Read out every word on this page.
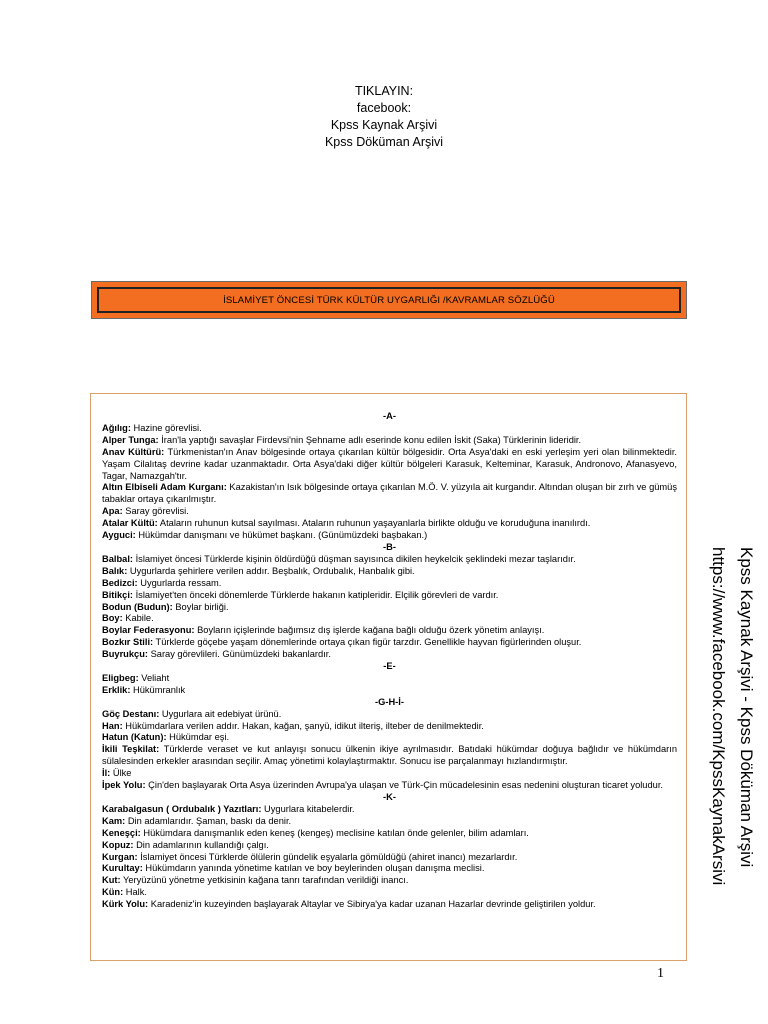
TIKLAYIN:
facebook:
Kpss Kaynak Arşivi
Kpss Döküman Arşivi
İSLAMİYET ÖNCESİ TÜRK KÜLTÜR UYGARLIĞI /KAVRAMLAR SÖZLÜĞÜ
-A-
Ağılıg: Hazine görevlisi.
Alper Tunga: İran'la yaptığı savaşlar Firdevsi'nin Şehname adlı eserinde konu edilen İskit (Saka) Türklerinin lideridir.
Anav Kültürü: Türkmenistan'ın Anav bölgesinde ortaya çıkarılan kültür bölgesidir. Orta Asya'daki en eski yerleşim yeri olan bilinmektedir. Yaşam Cilalıtaş devrine kadar uzanmaktadır. Orta Asya'daki diğer kültür bölgeleri Karasuk, Kelteminar, Karasuk, Andronovo, Afanasyevo, Tagar, Namazgah'tır.
Altın Elbiseli Adam Kurganı: Kazakistan'ın Isık bölgesinde ortaya çıkarılan M.Ö. V. yüzyıla ait kurgandır. Altından oluşan bir zırh ve gümüş tabaklar ortaya çıkarılmıştır.
Apa: Saray görevlisi.
Atalar Kültü: Ataların ruhunun kutsal sayılması. Ataların ruhunun yaşayanlarla birlikte olduğu ve koruduğuna inanılırdı.
Ayguci: Hükümdar danışmanı ve hükümet başkanı. (Günümüzdeki başbakan.)
-B-
Balbal: İslamiyet öncesi Türklerde kişinin öldürdüğü düşman sayısınca dikilen heykelcik şeklindeki mezar taşlarıdır.
Balık: Uygurlarda şehirlere verilen addır. Beşbalık, Ordubalık, Hanbalık gibi.
Bedizci: Uygurlarda ressam.
Bitikçi: İslamiyet'ten önceki dönemlerde Türklerde hakanın katipleridir. Elçilik görevleri de vardır.
Bodun (Budun): Boylar birliği.
Boy: Kabile.
Boylar Federasyonu: Boyların içişlerinde bağımsız dış işlerde kağana bağlı olduğu özerk yönetim anlayışı.
Bozkır Stili: Türklerde göçebe yaşam dönemlerinde ortaya çıkan figür tarzdır. Genellikle hayvan figürlerinden oluşur.
Buyrukçu: Saray görevlileri. Günümüzdeki bakanlardır.
-E-
Eligbeg: Veliaht
Erklik: Hükümranlık
-G-H-İ-
Göç Destanı: Uygurlara ait edebiyat ürünü.
Han: Hükümdarlara verilen addır. Hakan, kağan, şanyü, idikut ilteriş, ilteber de denilmektedir.
Hatun (Katun): Hükümdar eşi.
İkili Teşkilat: Türklerde veraset ve kut anlayışı sonucu ülkenin ikiye ayrılmasıdır. Batıdaki hükümdar doğuya bağlıdır ve hükümdarın sülalesinden erkekler arasından seçilir. Amaç yönetimi kolaylaştırmaktır. Sonucu ise parçalanmayı hızlandırmıştır.
İl: Ülke
İpek Yolu: Çin'den başlayarak Orta Asya üzerinden Avrupa'ya ulaşan ve Türk-Çin mücadelesinin esas nedenini oluşturan ticaret yoludur.
-K-
Karabalgasun ( Ordubalık ) Yazıtları: Uygurlara kitabelerdir.
Kam: Din adamlarıdır. Şaman, baskı da denir.
Keneşçi: Hükümdara danışmanlık eden keneş (kengeş) meclisine katılan önde gelenler, bilim adamları.
Kopuz: Din adamlarının kullandığı çalgı.
Kurgan: İslamiyet öncesi Türklerde ölülerin gündelik eşyalarla gömüldüğü (ahiret inancı) mezarlardır.
Kurultay: Hükümdarın yanında yönetime katılan ve boy beylerinden oluşan danışma meclisi.
Kut: Yeryüzünü yönetme yetkisinin kağana tanrı tarafından verildiği inancı.
Kün: Halk.
Kürk Yolu: Karadeniz'in kuzeyinden başlayarak Altaylar ve Sibirya'ya kadar uzanan Hazarlar devrinde geliştirilen yoldur.
Kpss Kaynak Arşivi - Kpss Döküman Arşivi
https://www.facebook.com/KpssKaynakArsivi
1
